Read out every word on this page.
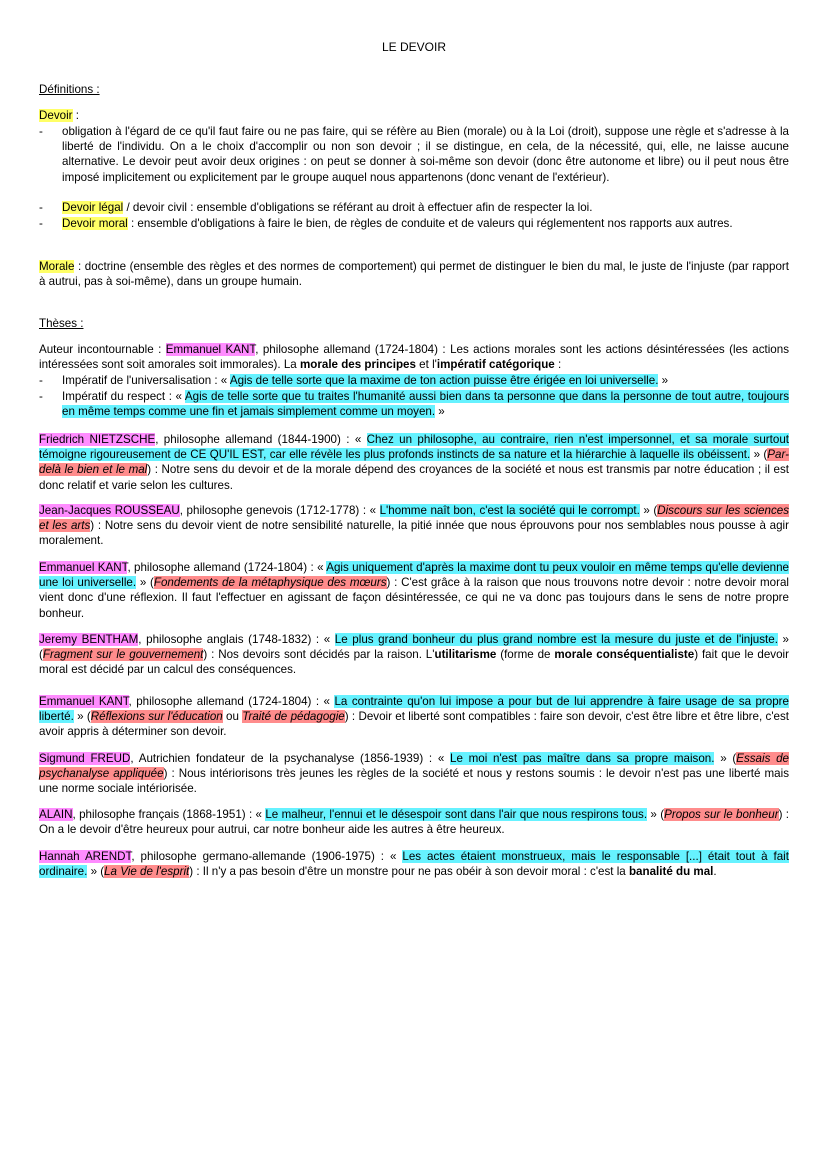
LE DEVOIR
Définitions :
Devoir :
- obligation à l'égard de ce qu'il faut faire ou ne pas faire, qui se réfère au Bien (morale) ou à la Loi (droit), suppose une règle et s'adresse à la liberté de l'individu. On a le choix d'accomplir ou non son devoir ; il se distingue, en cela, de la nécessité, qui, elle, ne laisse aucune alternative. Le devoir peut avoir deux origines : on peut se donner à soi-même son devoir (donc être autonome et libre) ou il peut nous être imposé implicitement ou explicitement par le groupe auquel nous appartenons (donc venant de l'extérieur).
- Devoir légal / devoir civil : ensemble d'obligations se référant au droit à effectuer afin de respecter la loi.
- Devoir moral : ensemble d'obligations à faire le bien, de règles de conduite et de valeurs qui réglementent nos rapports aux autres.
Morale : doctrine (ensemble des règles et des normes de comportement) qui permet de distinguer le bien du mal, le juste de l'injuste (par rapport à autrui, pas à soi-même), dans un groupe humain.
Thèses :
Auteur incontournable : Emmanuel KANT, philosophe allemand (1724-1804) : Les actions morales sont les actions désintéressées (les actions intéressées sont soit amorales soit immorales). La morale des principes et l'impératif catégorique :
- Impératif de l'universalisation : « Agis de telle sorte que la maxime de ton action puisse être érigée en loi universelle. »
- Impératif du respect : « Agis de telle sorte que tu traites l'humanité aussi bien dans ta personne que dans la personne de tout autre, toujours en même temps comme une fin et jamais simplement comme un moyen. »
Friedrich NIETZSCHE, philosophe allemand (1844-1900) : « Chez un philosophe, au contraire, rien n'est impersonnel, et sa morale surtout témoigne rigoureusement de CE QU'IL EST, car elle révèle les plus profonds instincts de sa nature et la hiérarchie à laquelle ils obéissent. » (Par-delà le bien et le mal) : Notre sens du devoir et de la morale dépend des croyances de la société et nous est transmis par notre éducation ; il est donc relatif et varie selon les cultures.
Jean-Jacques ROUSSEAU, philosophe genevois (1712-1778) : « L'homme naît bon, c'est la société qui le corrompt. » (Discours sur les sciences et les arts) : Notre sens du devoir vient de notre sensibilité naturelle, la pitié innée que nous éprouvons pour nos semblables nous pousse à agir moralement.
Emmanuel KANT, philosophe allemand (1724-1804) : « Agis uniquement d'après la maxime dont tu peux vouloir en même temps qu'elle devienne une loi universelle. » (Fondements de la métaphysique des mœurs) : C'est grâce à la raison que nous trouvons notre devoir : notre devoir moral vient donc d'une réflexion. Il faut l'effectuer en agissant de façon désintéressée, ce qui ne va donc pas toujours dans le sens de notre propre bonheur.
Jeremy BENTHAM, philosophe anglais (1748-1832) : « Le plus grand bonheur du plus grand nombre est la mesure du juste et de l'injuste. » (Fragment sur le gouvernement) : Nos devoirs sont décidés par la raison. L'utilitarisme (forme de morale conséquentialiste) fait que le devoir moral est décidé par un calcul des conséquences.
Emmanuel KANT, philosophe allemand (1724-1804) : « La contrainte qu'on lui impose a pour but de lui apprendre à faire usage de sa propre liberté. » (Réflexions sur l'éducation ou Traité de pédagogie) : Devoir et liberté sont compatibles : faire son devoir, c'est être libre et être libre, c'est avoir appris à déterminer son devoir.
Sigmund FREUD, Autrichien fondateur de la psychanalyse (1856-1939) : « Le moi n'est pas maître dans sa propre maison. » (Essais de psychanalyse appliquée) : Nous intériorisons très jeunes les règles de la société et nous y restons soumis : le devoir n'est pas une liberté mais une norme sociale intériorisée.
ALAIN, philosophe français (1868-1951) : « Le malheur, l'ennui et le désespoir sont dans l'air que nous respirons tous. » (Propos sur le bonheur) : On a le devoir d'être heureux pour autrui, car notre bonheur aide les autres à être heureux.
Hannah ARENDT, philosophe germano-allemande (1906-1975) : « Les actes étaient monstrueux, mais le responsable [...] était tout à fait ordinaire. » (La Vie de l'esprit) : Il n'y a pas besoin d'être un monstre pour ne pas obéir à son devoir moral : c'est la banalité du mal.
